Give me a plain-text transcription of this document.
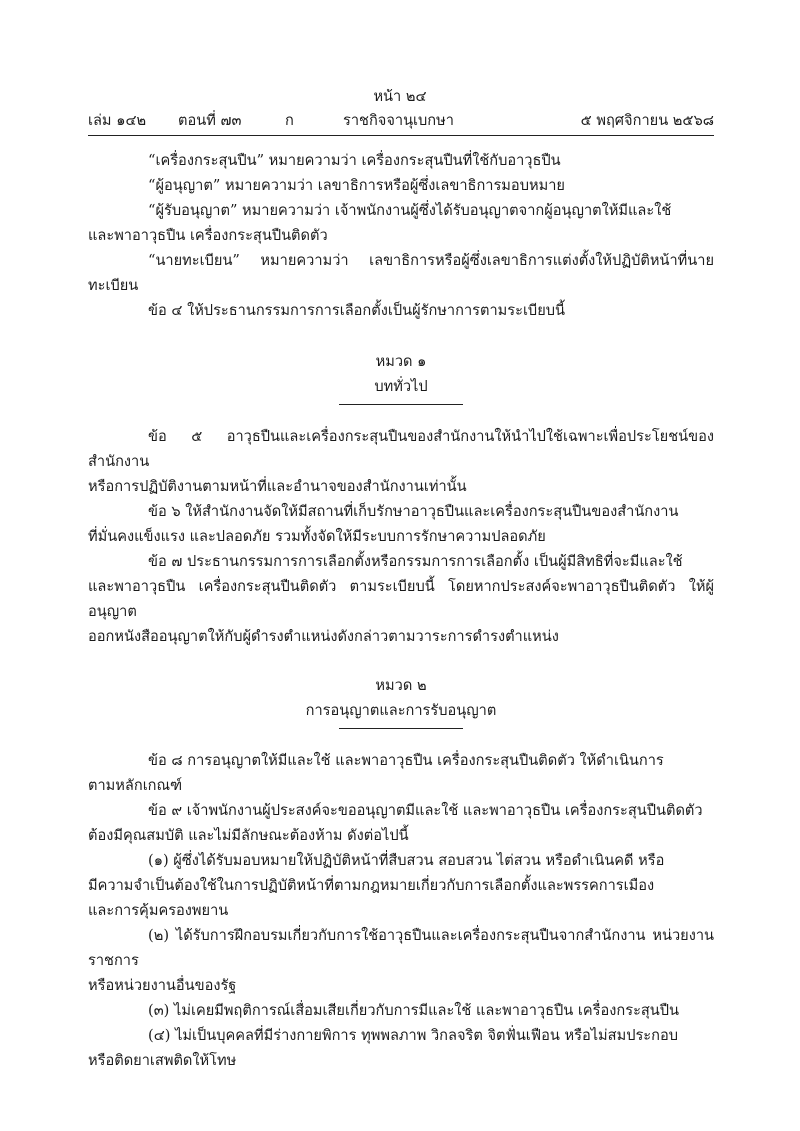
หน้า ๒๔
เล่ม ๑๔๒ ตอนที่ ๗๓	ก	ราชกิจจานุเบกษา	๕ พฤศจิกายน ๒๕๖๘

“เครื่องกระสุนปืน” หมายความว่า เครื่องกระสุนปืนที่ใช้กับอาวุธปืน

“ผู้อนุญาต” หมายความว่า เลขาธิการหรือผู้ซึ่งเลขาธิการมอบหมาย

“ผู้รับอนุญาต” หมายความว่า เจ้าพนักงานผู้ซึ่งได้รับอนุญาตจากผู้อนุญาตให้มีและใช้

และพาอาวุธปืน เครื่องกระสุนปืนติดตัว

“นายทะเบียน” หมายความว่า เลขาธิการหรือผู้ซึ่งเลขาธิการแต่งตั้งให้ปฏิบัติหน้าที่นายทะเบียน

ข้อ ๔ ให้ประธานกรรมการการเลือกตั้งเป็นผู้รักษาการตามระเบียบนี้

หมวด ๑

บททั่วไป

ข้อ ๕ อาวุธปืนและเครื่องกระสุนปืนของสำนักงานให้นำไปใช้เฉพาะเพื่อประโยชน์ของสำนักงาน

หรือการปฏิบัติงานตามหน้าที่และอำนาจของสำนักงานเท่านั้น

ข้อ ๖ ให้สำนักงานจัดให้มีสถานที่เก็บรักษาอาวุธปืนและเครื่องกระสุนปืนของสำนักงาน

ที่มั่นคงแข็งแรง และปลอดภัย รวมทั้งจัดให้มีระบบการรักษาความปลอดภัย

ข้อ ๗ ประธานกรรมการการเลือกตั้งหรือกรรมการการเลือกตั้ง เป็นผู้มีสิทธิที่จะมีและใช้

และพาอาวุธปืน เครื่องกระสุนปืนติดตัว ตามระเบียบนี้ โดยหากประสงค์จะพาอาวุธปืนติดตัว ให้ผู้อนุญาต

ออกหนังสืออนุญาตให้กับผู้ดำรงตำแหน่งดังกล่าวตามวาระการดำรงตำแหน่ง

หมวด ๒

การอนุญาตและการรับอนุญาต

ข้อ ๘ การอนุญาตให้มีและใช้ และพาอาวุธปืน เครื่องกระสุนปืนติดตัว ให้ดำเนินการ

ตามหลักเกณฑ์

ข้อ ๙ เจ้าพนักงานผู้ประสงค์จะขออนุญาตมีและใช้ และพาอาวุธปืน เครื่องกระสุนปืนติดตัว

ต้องมีคุณสมบัติ และไม่มีลักษณะต้องห้าม ดังต่อไปนี้

(๑) ผู้ซึ่งได้รับมอบหมายให้ปฏิบัติหน้าที่สืบสวน สอบสวน ไต่สวน หรือดำเนินคดี หรือ

มีความจำเป็นต้องใช้ในการปฏิบัติหน้าที่ตามกฎหมายเกี่ยวกับการเลือกตั้งและพรรคการเมือง

และการคุ้มครองพยาน

(๒) ได้รับการฝึกอบรมเกี่ยวกับการใช้อาวุธปืนและเครื่องกระสุนปืนจากสำนักงาน หน่วยงานราชการ

หรือหน่วยงานอื่นของรัฐ

(๓) ไม่เคยมีพฤติการณ์เสื่อมเสียเกี่ยวกับการมีและใช้ และพาอาวุธปืน เครื่องกระสุนปืน

(๔) ไม่เป็นบุคคลที่มีร่างกายพิการ ทุพพลภาพ วิกลจริต จิตฟั่นเฟือน หรือไม่สมประกอบ

หรือติดยาเสพติดให้โทษ
